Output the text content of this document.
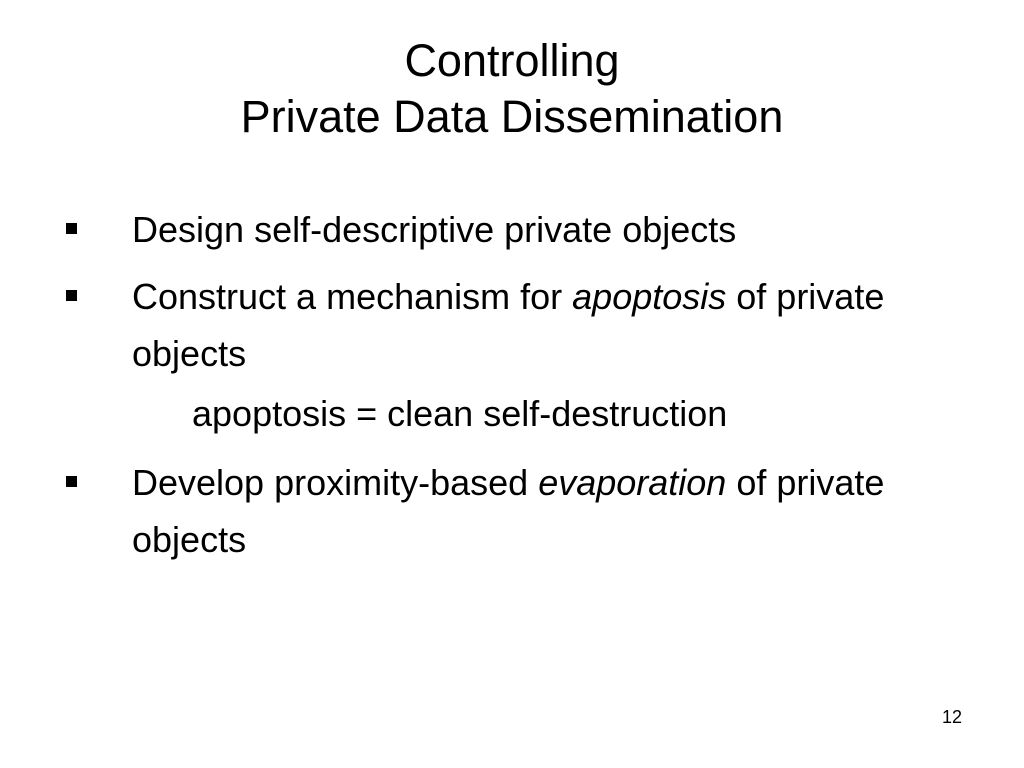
Controlling
Private Data Dissemination
Design self-descriptive private objects
Construct a mechanism for apoptosis of private objects
Develop proximity-based evaporation of private objects
apoptosis = clean self-destruction
12
